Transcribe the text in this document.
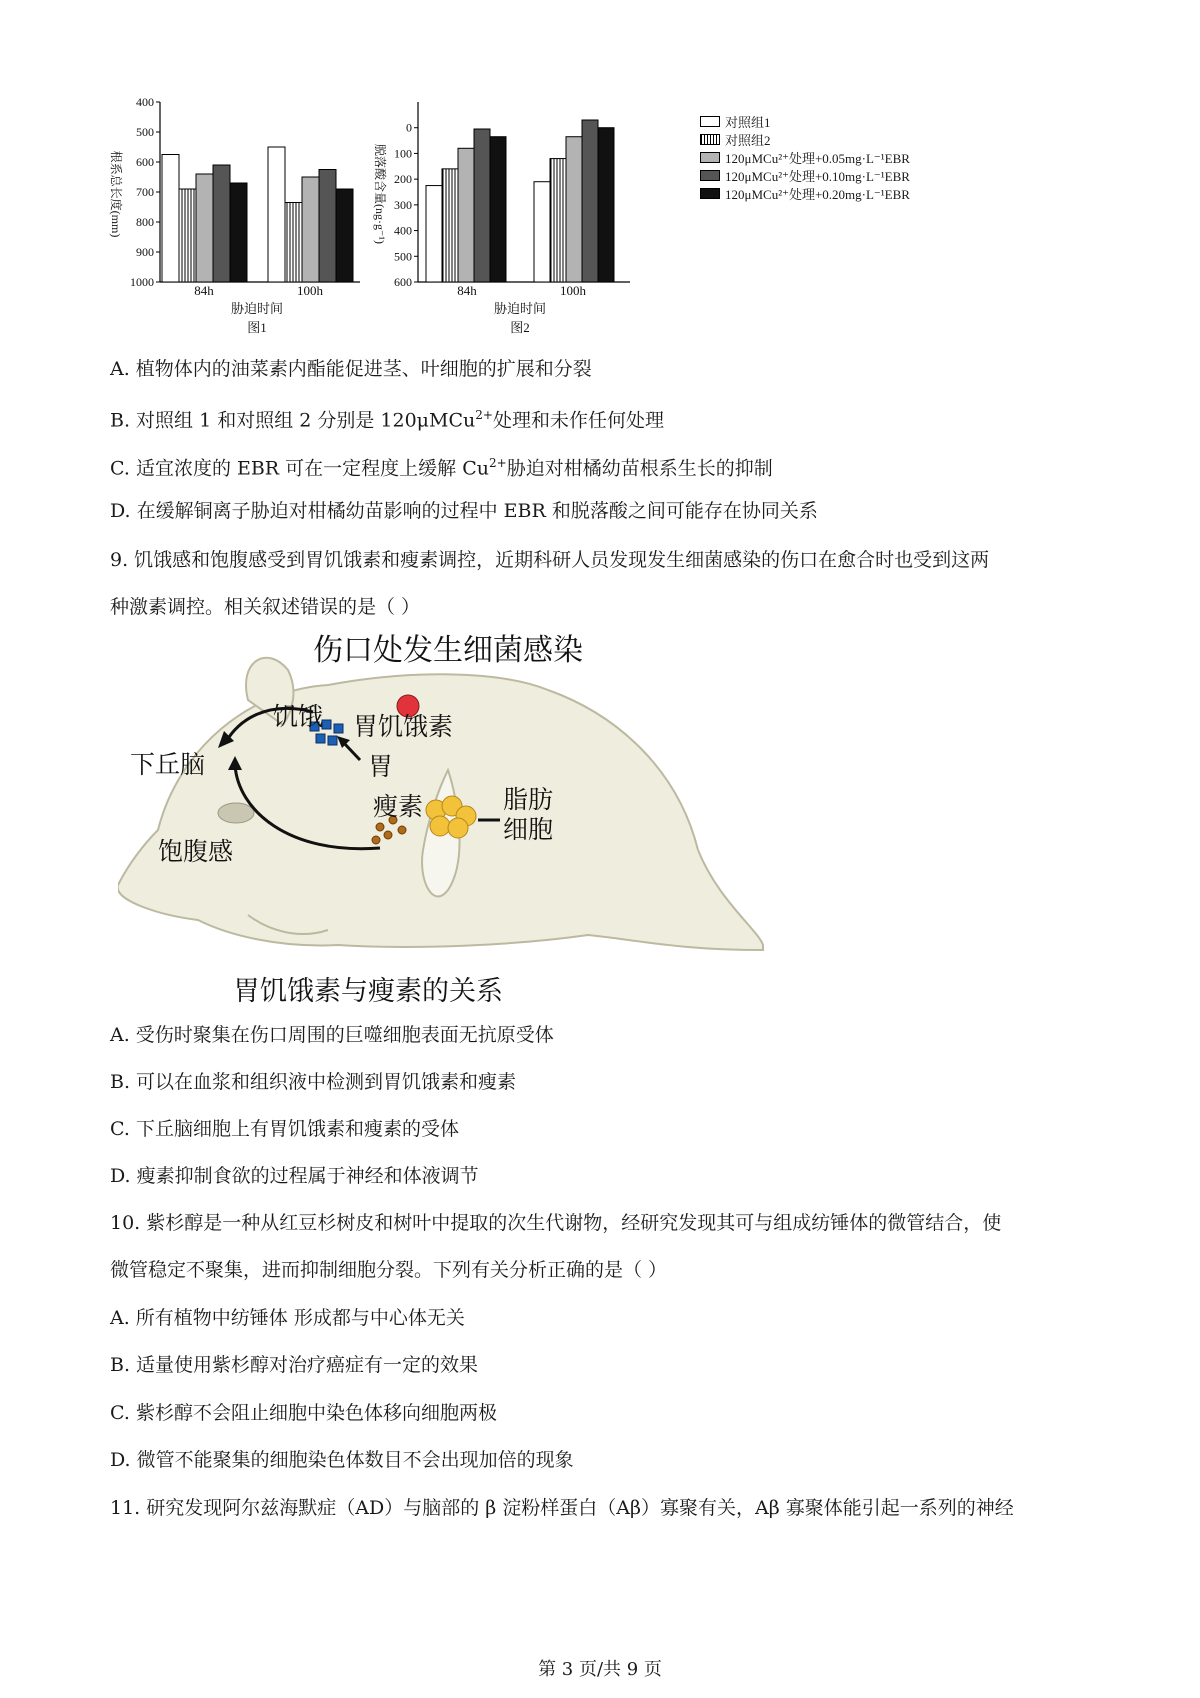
400
500
600
700
800
900
1000
84h	100h
胁迫时间
图1
根系总长度(mm)
0
100
200
300
400
500
600
84h	100h
胁迫时间
图2
脱落酸含量(ng·g⁻¹)
对照组1
对照组2
120μMCu²⁺处理+0.05mg·L⁻¹EBR
120μMCu²⁺处理+0.10mg·L⁻¹EBR
120μMCu²⁺处理+0.20mg·L⁻¹EBR
A. 植物体内的油菜素内酯能促进茎、叶细胞的扩展和分裂
B. 对照组 1 和对照组 2 分别是 120μMCu$^{2+}$处理和未作任何处理
C. 适宜浓度的 EBR 可在一定程度上缓解 $Cu^{2+}$胁迫对柑橘幼苗根系生长的抑制
D. 在缓解铜离子胁迫对柑橘幼苗影响的过程中 EBR 和脱落酸之间可能存在协同关系
9. 饥饿感和饱腹感受到胃饥饿素和瘦素调控，近期科研人员发现发生细菌感染的伤口在愈合时也受到这两
种激素调控。相关叙述错误的是（ ）
伤口处发生细菌感染
下丘脑
饥饿 胃饥饿素
胃
饱腹感
瘦素	脂肪
细胞
胃饥饿素与瘦素的关系
A. 受伤时聚集在伤口周围的巨噬细胞表面无抗原受体
B. 可以在血浆和组织液中检测到胃饥饿素和瘦素
C. 下丘脑细胞上有胃饥饿素和瘦素的受体
D. 瘦素抑制食欲的过程属于神经和体液调节
10. 紫杉醇是一种从红豆杉树皮和树叶中提取的次生代谢物，经研究发现其可与组成纺锤体的微管结合，使
微管稳定不聚集，进而抑制细胞分裂。下列有关分析正确的是（ ）
A. 所有植物中纺锤体 形成都与中心体无关
B. 适量使用紫杉醇对治疗癌症有一定的效果
C. 紫杉醇不会阻止细胞中染色体移向细胞两极
D. 微管不能聚集的细胞染色体数目不会出现加倍的现象
11. 研究发现阿尔兹海默症（AD）与脑部的 β 淀粉样蛋白（Aβ）寡聚有关，Aβ 寡聚体能引起一系列的神经
第 3 页/共 9 页
